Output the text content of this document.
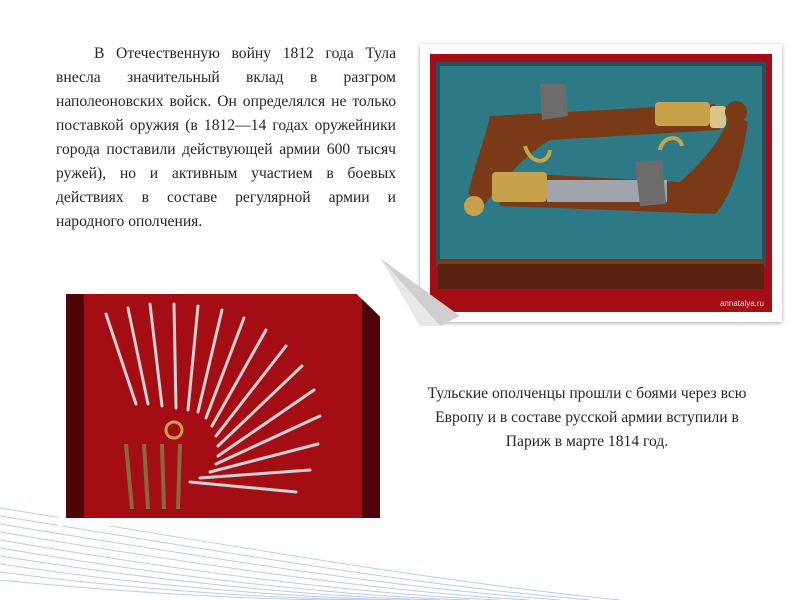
В Отечественную войну 1812 года Тула внесла значительный вклад в разгром наполеоновских войск. Он определялся не только поставкой оружия (в 1812—14 годах оружейники города поставили действующей армии 600 тысяч ружей), но и активным участием в боевых действиях в составе регулярной армии и народного ополчения.

annatalya.ru

Тульские ополченцы прошли с боями через всю Европу и в составе русской армии вступили в Париж в марте 1814 год.
